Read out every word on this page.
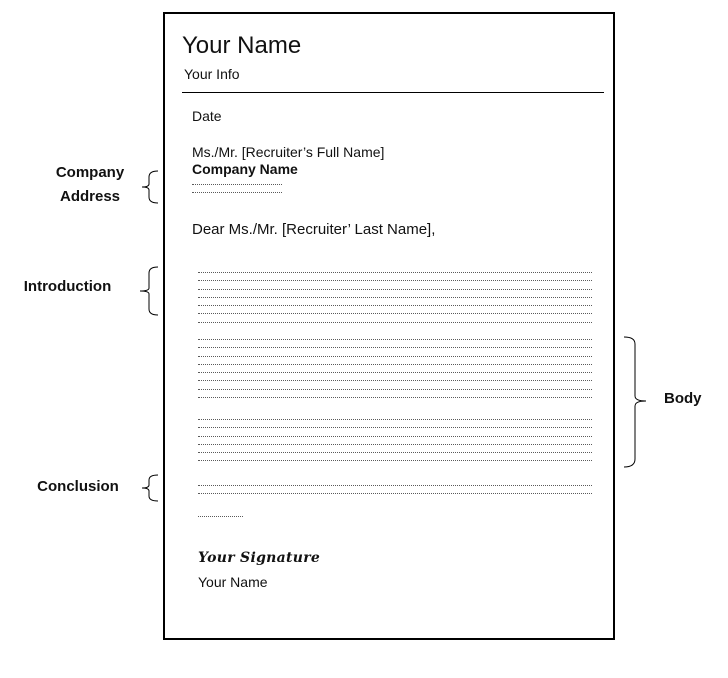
Your Name
Your Info
Date
Ms./Mr. [Recruiter’s Full Name]
Company Name
Dear Ms./Mr. [Recruiter’ Last Name],
Your Signature
Your Name
Company
Address
Introduction
Conclusion
Body
